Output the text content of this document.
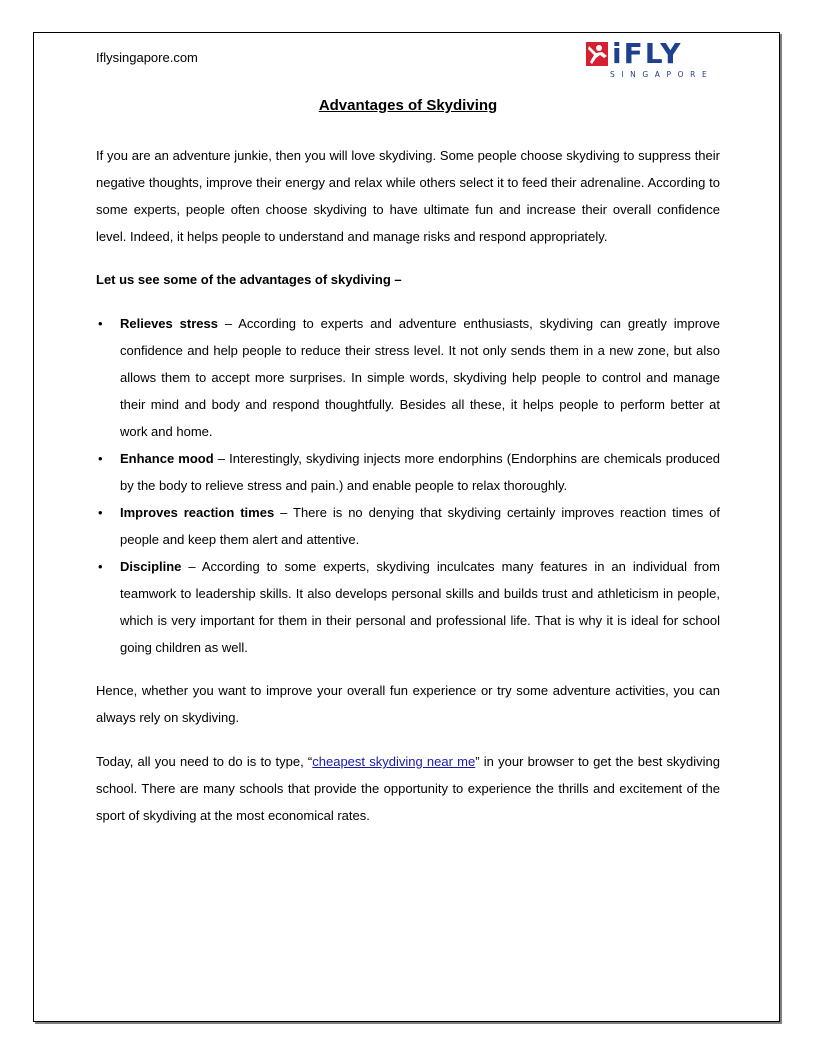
Iflysingapore.com	iFLY
SINGAPORE
Advantages of Skydiving

If you are an adventure junkie, then you will love skydiving. Some people choose skydiving to suppress their negative thoughts, improve their energy and relax while others select it to feed their adrenaline. According to some experts, people often choose skydiving to have ultimate fun and increase their overall confidence level. Indeed, it helps people to understand and manage risks and respond appropriately.

Let us see some of the advantages of skydiving –

• Relieves stress – According to experts and adventure enthusiasts, skydiving can greatly improve confidence and help people to reduce their stress level. It not only sends them in a new zone, but also allows them to accept more surprises. In simple words, skydiving help people to control and manage their mind and body and respond thoughtfully. Besides all these, it helps people to perform better at work and home.
• Enhance mood – Interestingly, skydiving injects more endorphins (Endorphins are chemicals produced by the body to relieve stress and pain.) and enable people to relax thoroughly.
• Improves reaction times – There is no denying that skydiving certainly improves reaction times of people and keep them alert and attentive.
• Discipline – According to some experts, skydiving inculcates many features in an individual from teamwork to leadership skills. It also develops personal skills and builds trust and athleticism in people, which is very important for them in their personal and professional life. That is why it is ideal for school going children as well.

Hence, whether you want to improve your overall fun experience or try some adventure activities, you can always rely on skydiving.

Today, all you need to do is to type, “cheapest skydiving near me” in your browser to get the best skydiving school. There are many schools that provide the opportunity to experience the thrills and excitement of the sport of skydiving at the most economical rates.
